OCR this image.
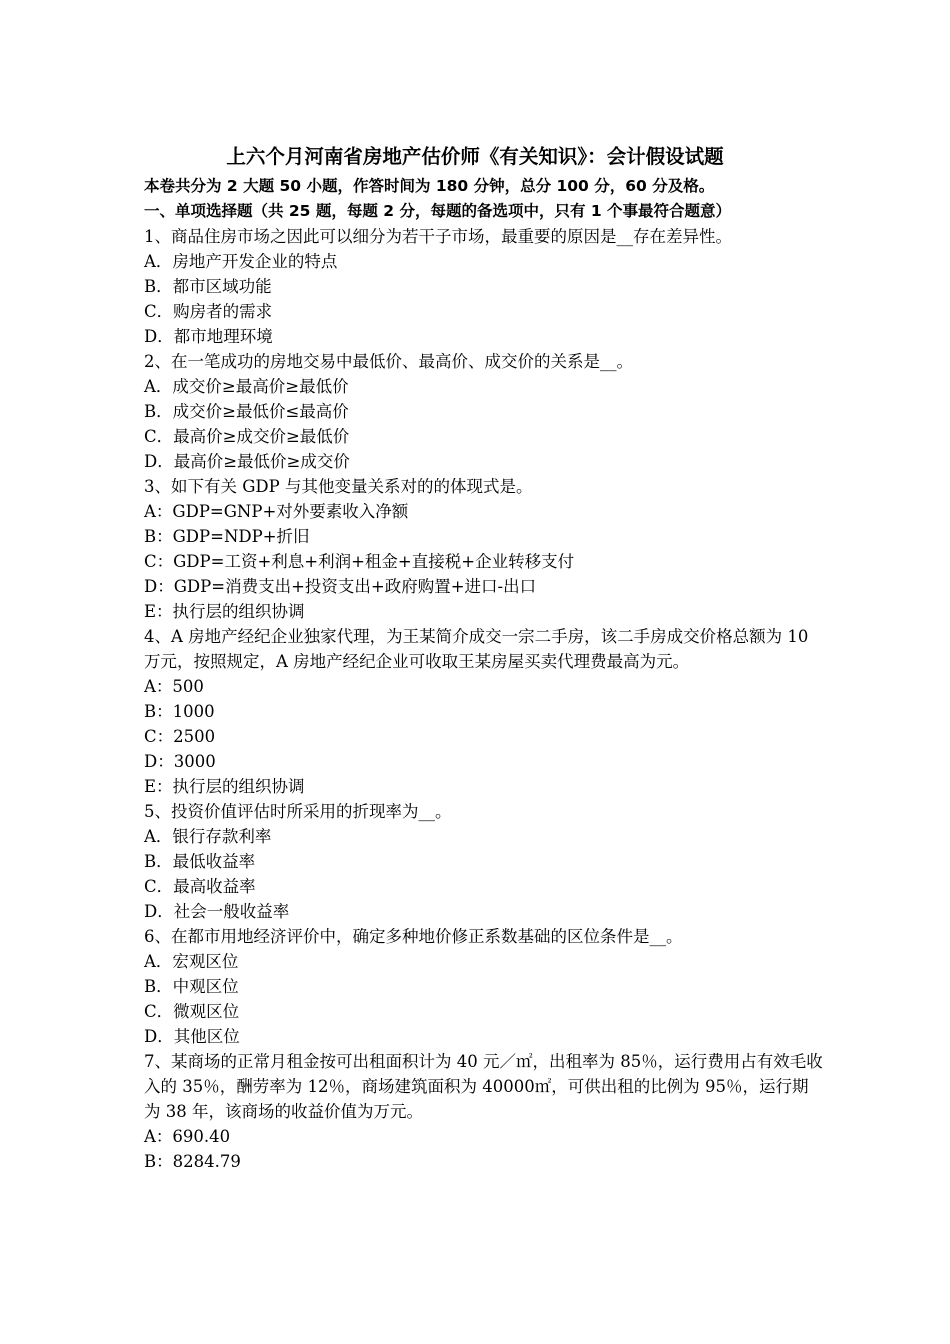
上六个月河南省房地产估价师《有关知识》：会计假设试题
本卷共分为 2 大题 50 小题，作答时间为 180 分钟，总分 100 分，60 分及格。
一、单项选择题（共 25 题，每题 2 分，每题的备选项中，只有 1 个事最符合题意）
1、商品住房市场之因此可以细分为若干子市场，最重要的原因是__存在差异性。
A．房地产开发企业的特点
B．都市区域功能
C．购房者的需求
D．都市地理环境
2、在一笔成功的房地交易中最低价、最高价、成交价的关系是__。
A．成交价≥最高价≥最低价
B．成交价≥最低价≤最高价
C．最高价≥成交价≥最低价
D．最高价≥最低价≥成交价
3、如下有关 GDP 与其他变量关系对的的体现式是。
A：GDP=GNP+对外要素收入净额
B：GDP=NDP+折旧
C：GDP=工资+利息+利润+租金+直接税+企业转移支付
D：GDP=消费支出+投资支出+政府购置+进口-出口
E：执行层的组织协调
4、A 房地产经纪企业独家代理，为王某简介成交一宗二手房，该二手房成交价格总额为 10 万元，按照规定，A 房地产经纪企业可收取王某房屋买卖代理费最高为元。
A：500
B：1000
C：2500
D：3000
E：执行层的组织协调
5、投资价值评估时所采用的折现率为__。
A．银行存款利率
B．最低收益率
C．最高收益率
D．社会一般收益率
6、在都市用地经济评价中，确定多种地价修正系数基础的区位条件是__。
A．宏观区位
B．中观区位
C．微观区位
D．其他区位
7、某商场的正常月租金按可出租面积计为 40 元／㎡，出租率为 85％，运行费用占有效毛收入的 35％，酬劳率为 12％，商场建筑面积为 40000㎡，可供出租的比例为 95％，运行期为 38 年，该商场的收益价值为万元。
A：690.40
B：8284.79
